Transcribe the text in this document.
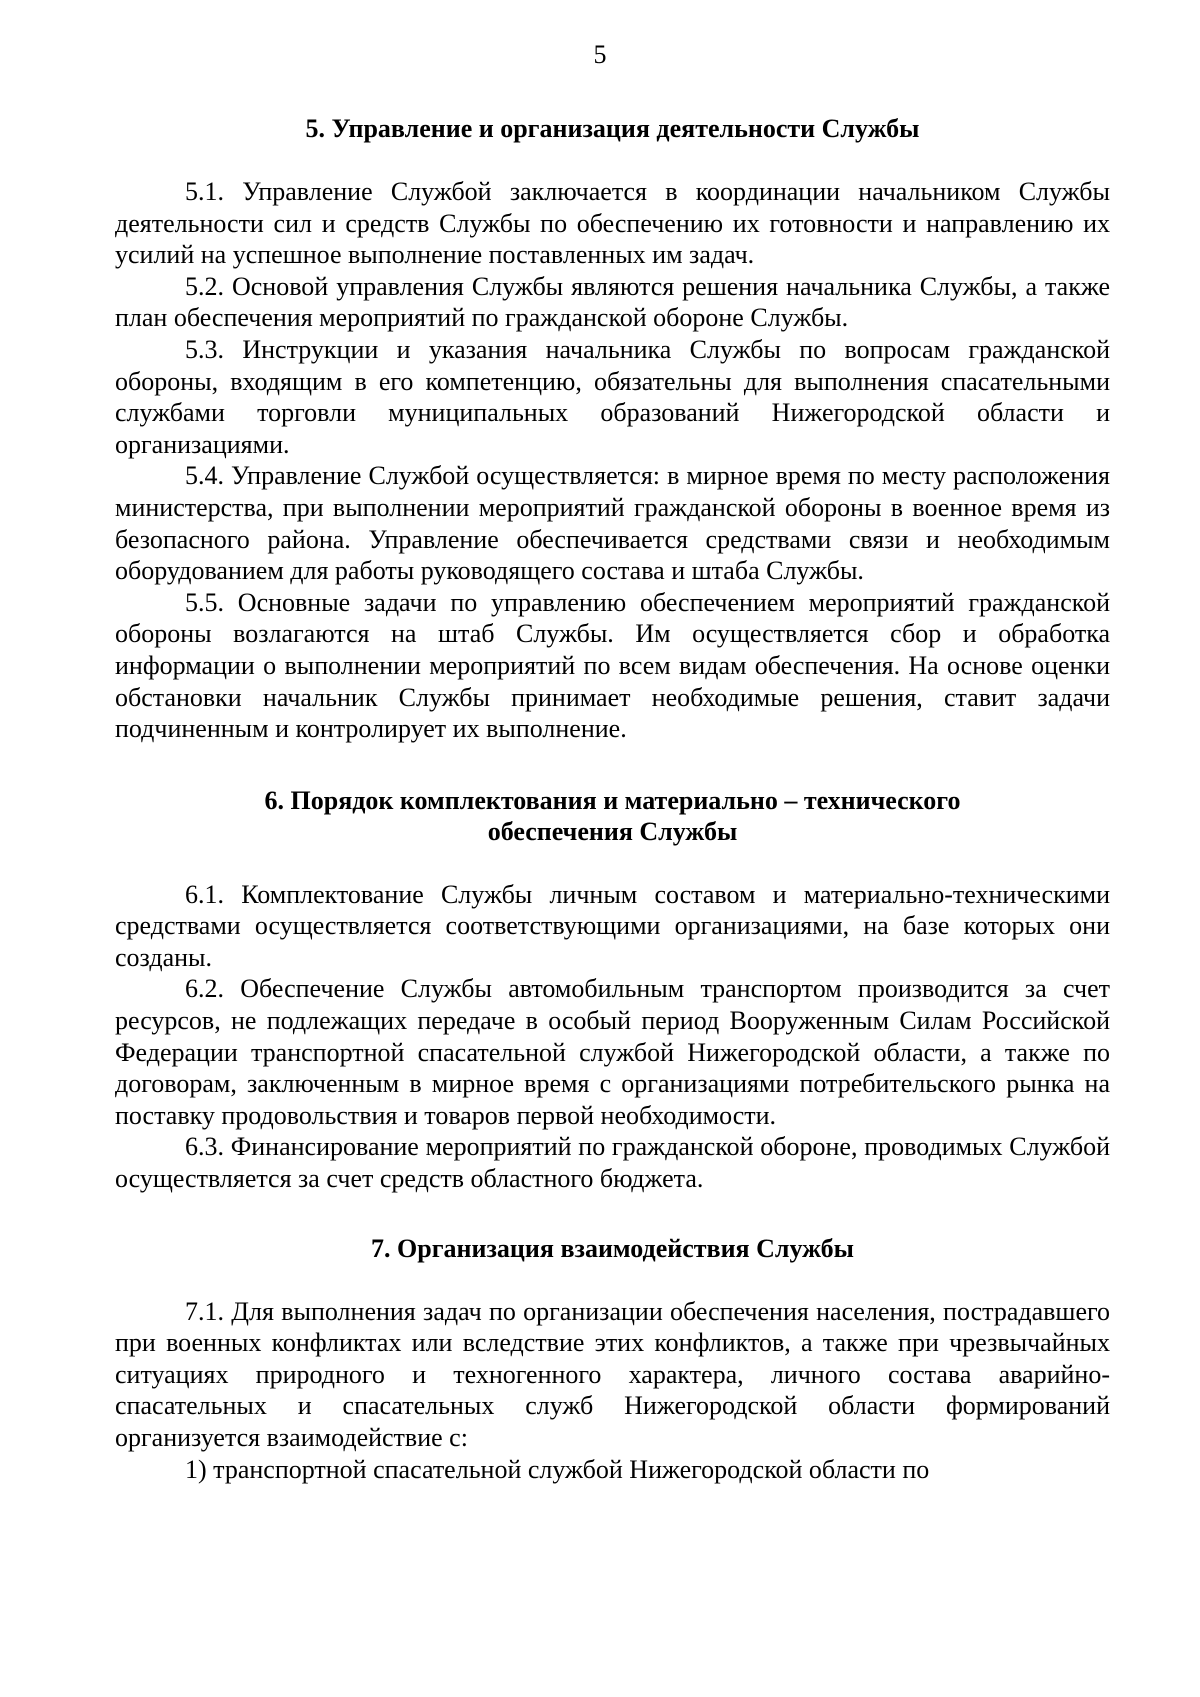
5
5. Управление и организация деятельности Службы

5.1. Управление Службой заключается в координации начальником Службы деятельности сил и средств Службы по обеспечению их готовности и направлению их усилий на успешное выполнение поставленных им задач.

5.2. Основой управления Службы являются решения начальника Службы, а также план обеспечения мероприятий по гражданской обороне Службы.

5.3. Инструкции и указания начальника Службы по вопросам гражданской обороны, входящим в его компетенцию, обязательны для выполнения спасательными службами торговли муниципальных образований Нижегородской области и организациями.

5.4. Управление Службой осуществляется: в мирное время по месту расположения министерства, при выполнении мероприятий гражданской обороны в военное время из безопасного района. Управление обеспечивается средствами связи и необходимым оборудованием для работы руководящего состава и штаба Службы.

5.5. Основные задачи по управлению обеспечением мероприятий гражданской обороны возлагаются на штаб Службы. Им осуществляется сбор и обработка информации о выполнении мероприятий по всем видам обеспечения. На основе оценки обстановки начальник Службы принимает необходимые решения, ставит задачи подчиненным и контролирует их выполнение.

6. Порядок комплектования и материально – технического
обеспечения Службы

6.1. Комплектование Службы личным составом и материально-техническими средствами осуществляется соответствующими организациями, на базе которых они созданы.

6.2. Обеспечение Службы автомобильным транспортом производится за счет ресурсов, не подлежащих передаче в особый период Вооруженным Силам Российской Федерации транспортной спасательной службой Нижегородской области, а также по договорам, заключенным в мирное время с организациями потребительского рынка на поставку продовольствия и товаров первой необходимости.

6.3. Финансирование мероприятий по гражданской обороне, проводимых Службой осуществляется за счет средств областного бюджета.

7. Организация взаимодействия Службы

7.1. Для выполнения задач по организации обеспечения населения, пострадавшего при военных конфликтах или вследствие этих конфликтов, а также при чрезвычайных ситуациях природного и техногенного характера, личного состава аварийно-спасательных и спасательных служб Нижегородской области формирований организуется взаимодействие с:

1) транспортной спасательной службой Нижегородской области по
